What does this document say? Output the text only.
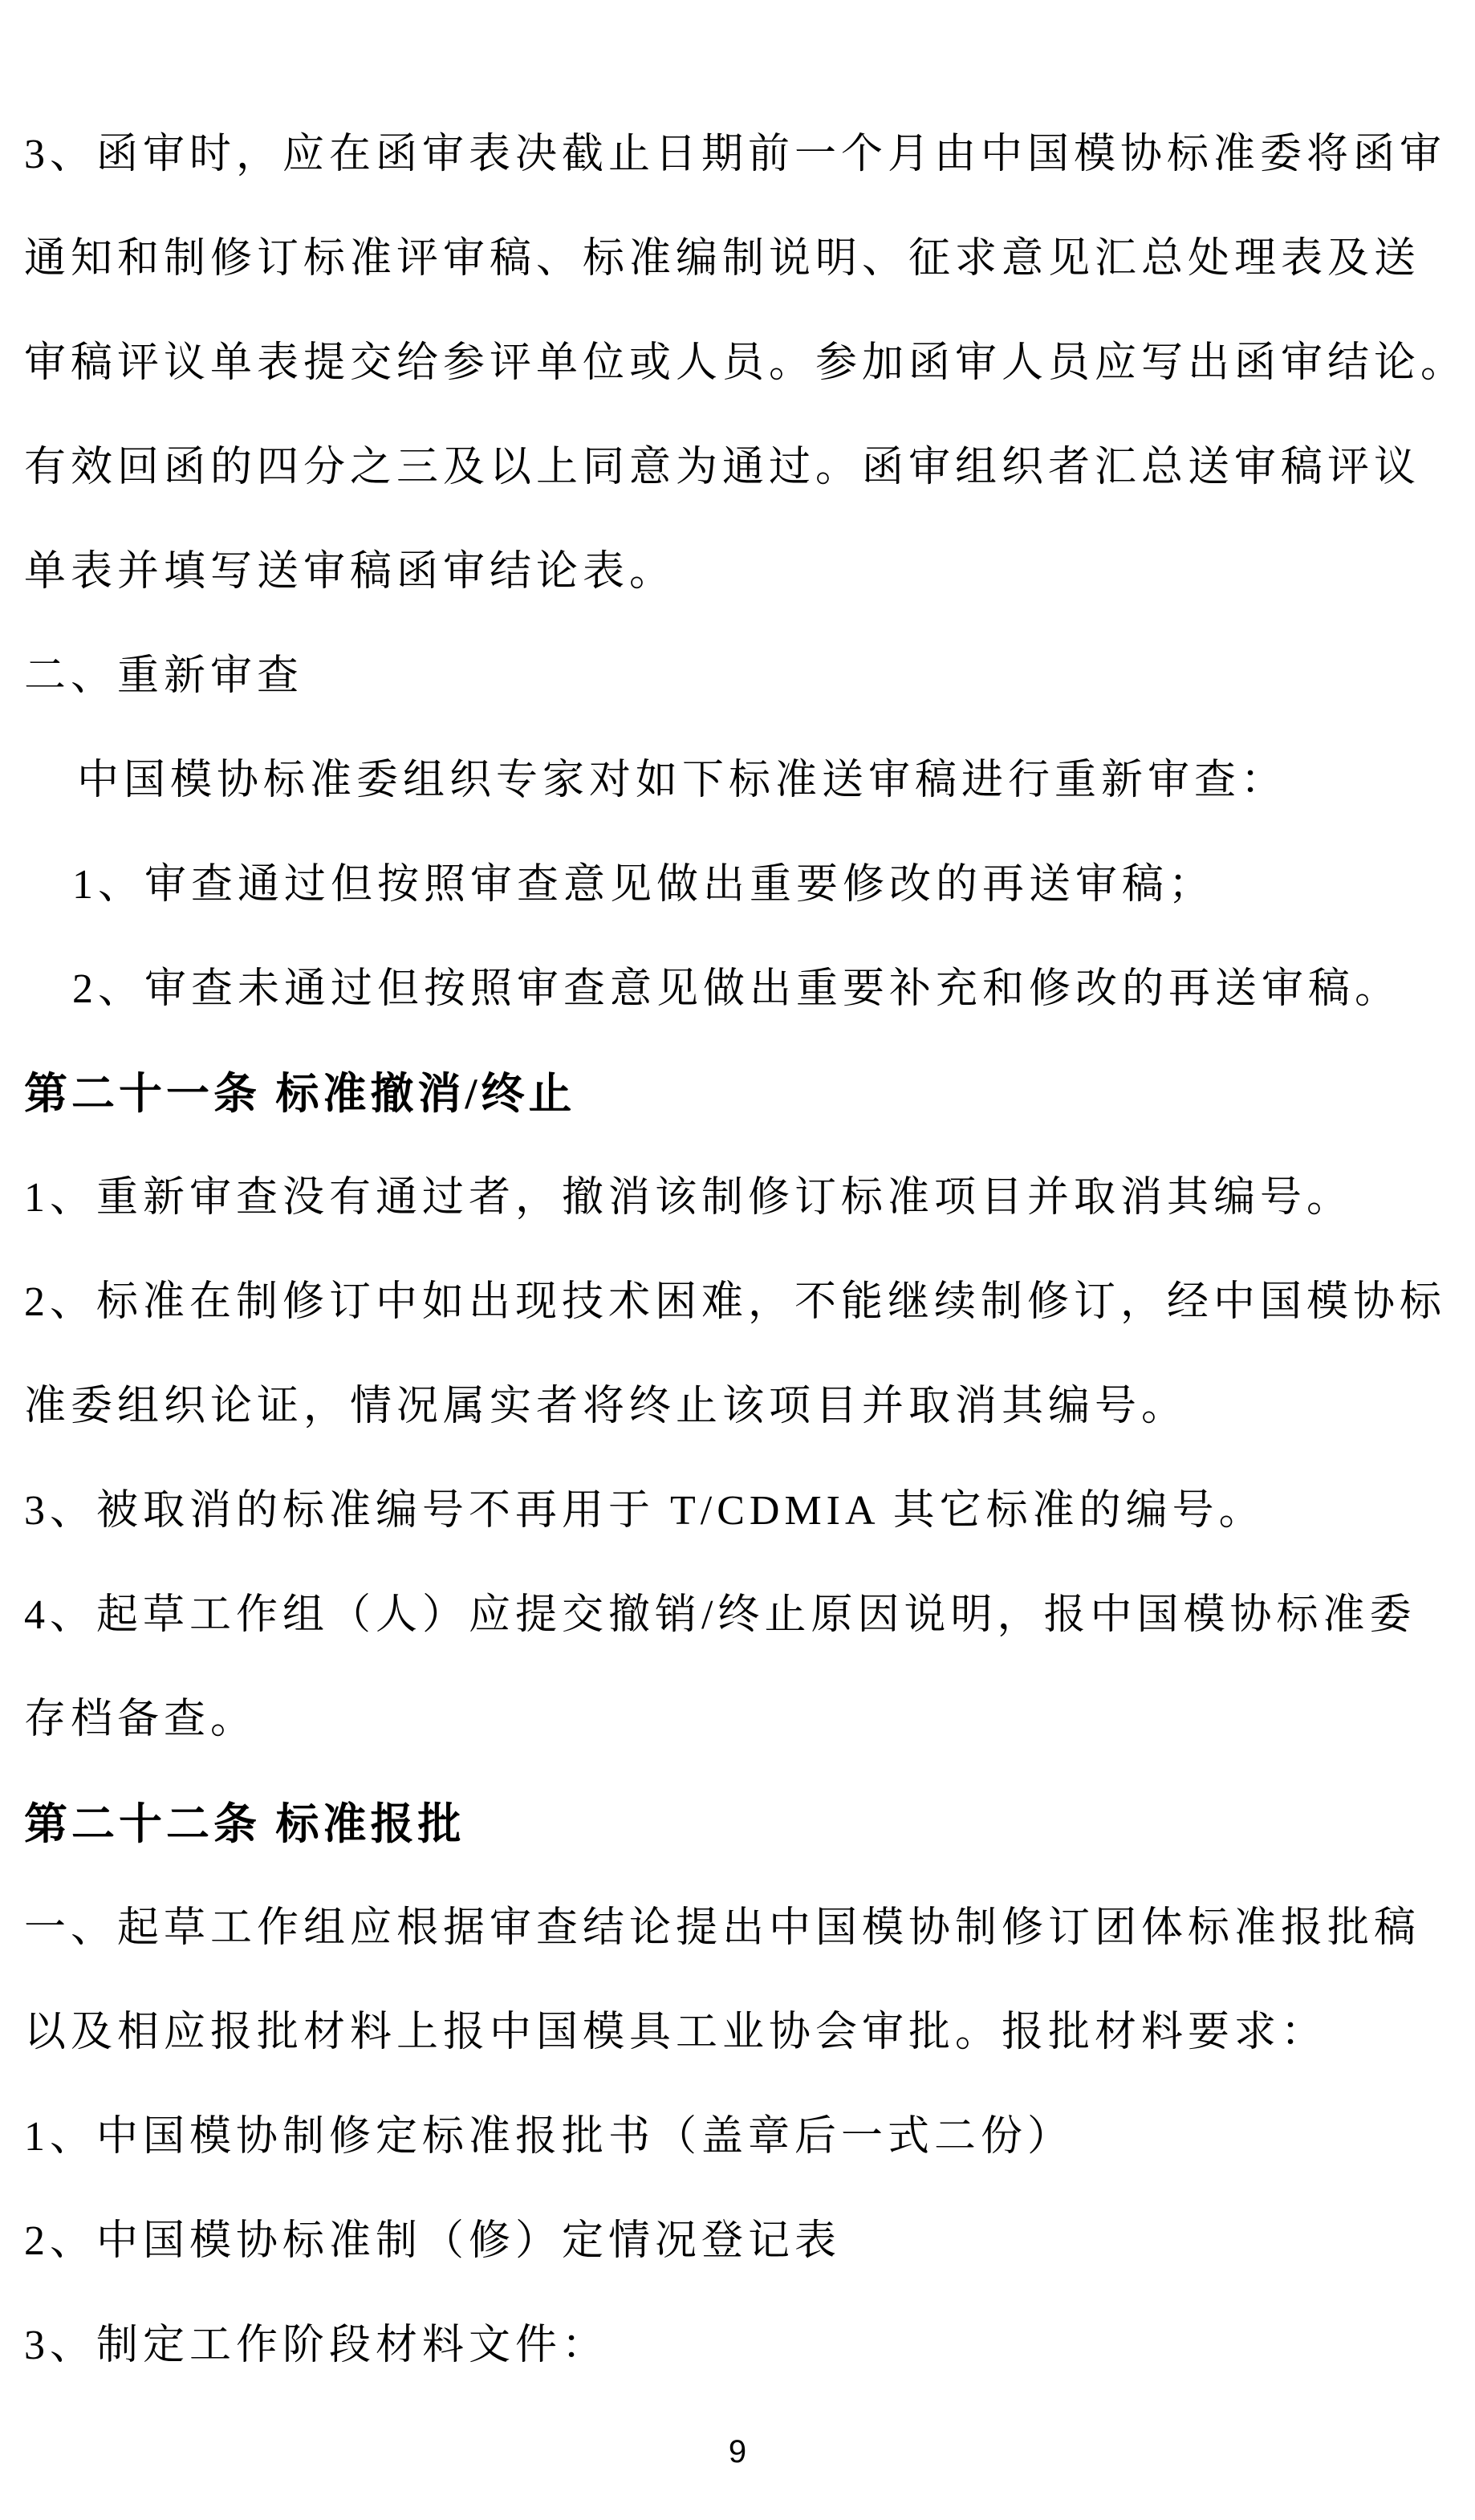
3、函审时，应在函审表决截止日期前一个月由中国模协标准委将函审
通知和制修订标准评审稿、标准编制说明、征求意见汇总处理表及送
审稿评议单表提交给参评单位或人员。参加函审人员应写出函审结论。
有效回函的四分之三及以上同意为通过。函审组织者汇总送审稿评议
单表并填写送审稿函审结论表。
二、重新审查
中国模协标准委组织专家对如下标准送审稿进行重新审查：
1、审查通过但按照审查意见做出重要修改的再送审稿；
2、审查未通过但按照审查意见做出重要补充和修改的再送审稿。
第二十一条 标准撤消/终止
1、重新审查没有通过者，撤消该制修订标准项目并取消其编号。
2、标准在制修订中如出现技术困难，不能继续制修订，经中国模协标
准委组织论证，情况属实者将终止该项目并取消其编号。
3、被取消的标准编号不再用于 T/CDMIA 其它标准的编号。
4、起草工作组（人）应提交撤销/终止原因说明，报中国模协标准委
存档备查。
第二十二条 标准报批
一、起草工作组应根据审查结论提出中国模协制修订团体标准报批稿
以及相应报批材料上报中国模具工业协会审批。报批材料要求：
1、中国模协制修定标准报批书（盖章后一式二份）
2、中国模协标准制（修）定情况登记表
3、制定工作阶段材料文件：
9
